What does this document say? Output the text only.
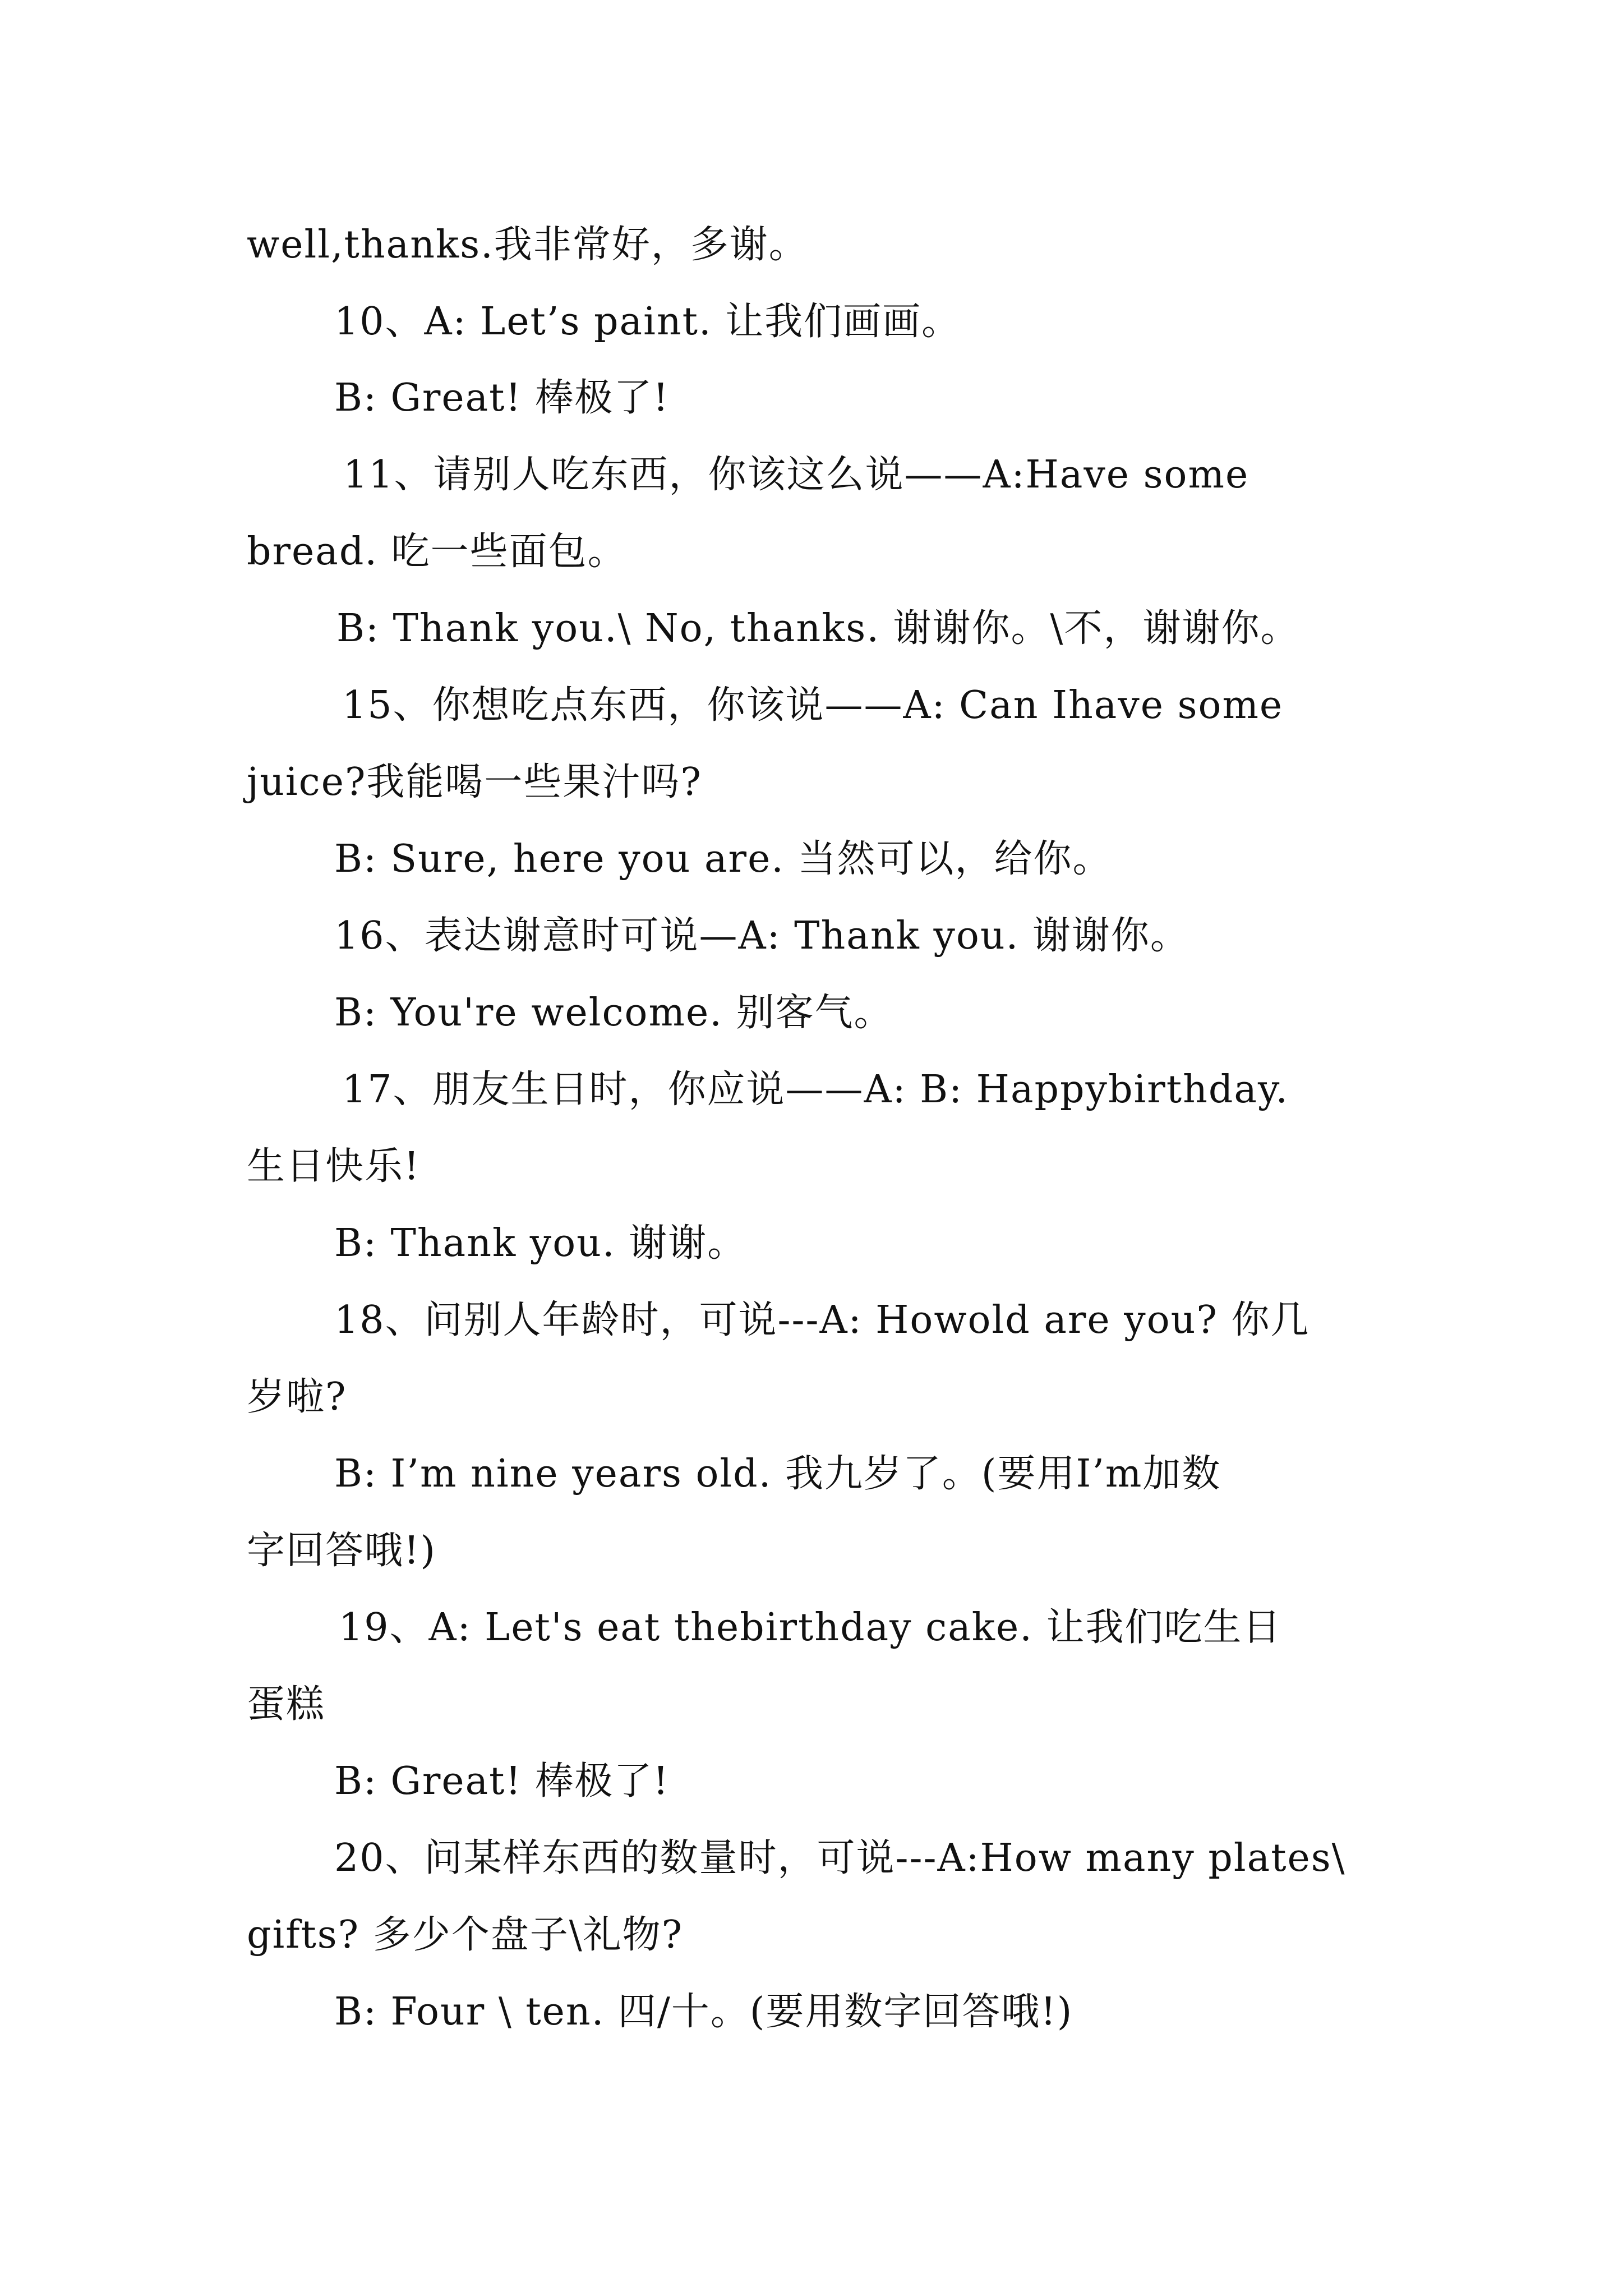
well,thanks.我非常好，多谢。
10、A: Let’s paint. 让我们画画。
B: Great! 棒极了!
11、请别人吃东西，你该这么说——A:Have some
bread. 吃一些面包。
B: Thank you.\ No, thanks. 谢谢你。\不，谢谢你。
15、你想吃点东西，你该说——A: Can Ihave some
juice?我能喝一些果汁吗?
B: Sure, here you are. 当然可以，给你。
16、表达谢意时可说—A: Thank you. 谢谢你。
B: You're welcome. 别客气。
17、朋友生日时，你应说——A: B: Happybirthday.
生日快乐!
B: Thank you. 谢谢。
18、问别人年龄时，可说---A: Howold are you? 你几
岁啦?
B: I’m nine years old. 我九岁了。(要用I’m加数
字回答哦!)
19、A: Let's eat thebirthday cake. 让我们吃生日
蛋糕
B: Great! 棒极了!
20、问某样东西的数量时，可说---A:How many plates\
gifts? 多少个盘子\礼物?
B: Four \ ten. 四/十。(要用数字回答哦!)
